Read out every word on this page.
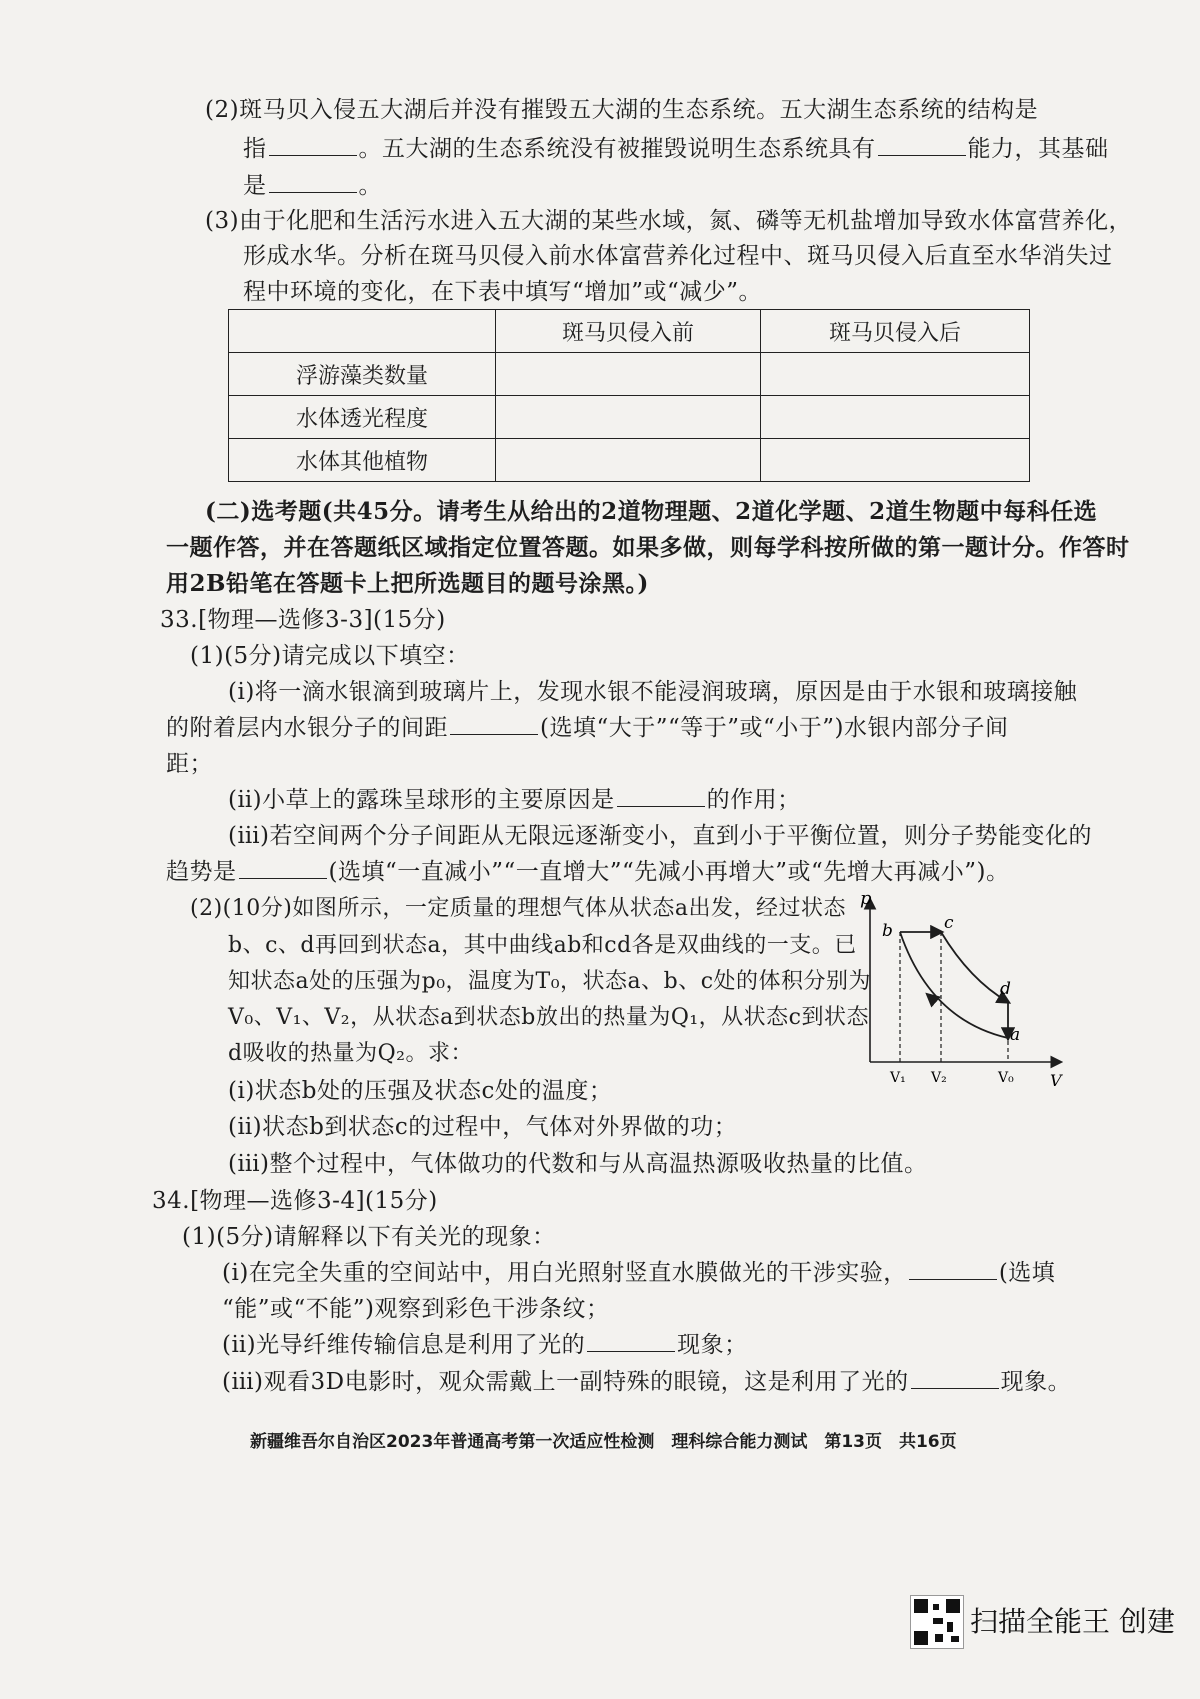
(2)斑马贝入侵五大湖后并没有摧毁五大湖的生态系统。五大湖生态系统的结构是
指	。五大湖的生态系统没有被摧毁说明生态系统具有	能力，其基础
是	。
(3)由于化肥和生活污水进入五大湖的某些水域，氮、磷等无机盐增加导致水体富营养化，
形成水华。分析在斑马贝侵入前水体富营养化过程中、斑马贝侵入后直至水华消失过
程中环境的变化，在下表中填写“增加”或“减少”。
	斑马贝侵入前	斑马贝侵入后
浮游藻类数量		
水体透光程度		
水体其他植物		
(二)选考题(共45分。请考生从给出的2道物理题、2道化学题、2道生物题中每科任选
一题作答，并在答题纸区域指定位置答题。如果多做，则每学科按所做的第一题计分。作答时
用2B铅笔在答题卡上把所选题目的题号涂黑。)
33.[物理—选修3-3](15分)
(1)(5分)请完成以下填空：
(ⅰ)将一滴水银滴到玻璃片上，发现水银不能浸润玻璃，原因是由于水银和玻璃接触
的附着层内水银分子的间距	(选填“大于”“等于”或“小于”)水银内部分子间
距；
(ⅱ)小草上的露珠呈球形的主要原因是	的作用；
(ⅲ)若空间两个分子间距从无限远逐渐变小，直到小于平衡位置，则分子势能变化的
趋势是	(选填“一直减小”“一直增大”“先减小再增大”或“先增大再减小”)。
(2)(10分)如图所示，一定质量的理想气体从状态a出发，经过状态
b、c、d再回到状态a，其中曲线ab和cd各是双曲线的一支。已
知状态a处的压强为p₀，温度为T₀，状态a、b、c处的体积分别为
V₀、V₁、V₂，从状态a到状态b放出的热量为Q₁，从状态c到状态
d吸收的热量为Q₂。求：
(ⅰ)状态b处的压强及状态c处的温度；
(ⅱ)状态b到状态c的过程中，气体对外界做的功；
(ⅲ)整个过程中，气体做功的代数和与从高温热源吸收热量的比值。
p
V
b	c
d
a
V₁ V₂	V₀
34.[物理—选修3-4](15分)
(1)(5分)请解释以下有关光的现象：
(ⅰ)在完全失重的空间站中，用白光照射竖直水膜做光的干涉实验，	(选填
“能”或“不能”)观察到彩色干涉条纹；
(ⅱ)光导纤维传输信息是利用了光的	现象；
(ⅲ)观看3D电影时，观众需戴上一副特殊的眼镜，这是利用了光的	现象。
新疆维吾尔自治区2023年普通高考第一次适应性检测　理科综合能力测试　第13页　共16页
扫描全能王 创建
